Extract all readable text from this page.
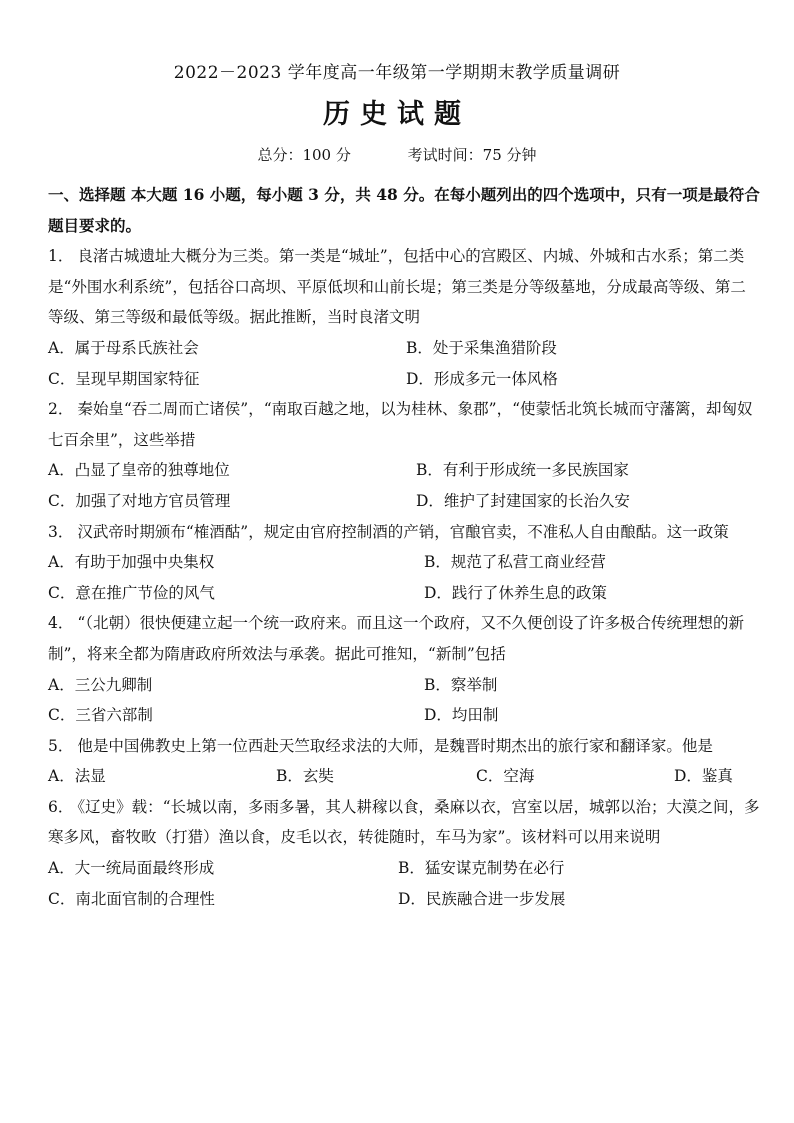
2022－2023 学年度高一年级第一学期期末教学质量调研
历史试题
总分：100 分	考试时间：75 分钟
一、选择题 本大题 16 小题，每小题 3 分，共 48 分。在每小题列出的四个选项中，只有一项是最符合题目要求的。
1． 良渚古城遗址大概分为三类。第一类是“城址”，包括中心的宫殿区、内城、外城和古水系；第二类是“外围水利系统”，包括谷口高坝、平原低坝和山前长堤；第三类是分等级墓地，分成最高等级、第二等级、第三等级和最低等级。据此推断，当时良渚文明
A．属于母系氏族社会	B．处于采集渔猎阶段
C．呈现早期国家特征	D．形成多元一体风格
2． 秦始皇“吞二周而亡诸侯”，“南取百越之地，以为桂林、象郡”，“使蒙恬北筑长城而守藩篱，却匈奴七百余里”，这些举措
A．凸显了皇帝的独尊地位	B．有利于形成统一多民族国家
C．加强了对地方官员管理	D．维护了封建国家的长治久安
3． 汉武帝时期颁布“榷酒酤”，规定由官府控制酒的产销，官酿官卖，不准私人自由酿酤。这一政策
A．有助于加强中央集权	B．规范了私营工商业经营
C．意在推广节俭的风气	D．践行了休养生息的政策
4． “（北朝）很快便建立起一个统一政府来。而且这一个政府，又不久便创设了许多极合传统理想的新制”，将来全都为隋唐政府所效法与承袭。据此可推知，“新制”包括
A．三公九卿制	B．察举制
C．三省六部制	D．均田制
5． 他是中国佛教史上第一位西赴天竺取经求法的大师，是魏晋时期杰出的旅行家和翻译家。他是
A．法显	B．玄奘	C．空海	D．鉴真
6． 《辽史》载：“长城以南，多雨多暑，其人耕稼以食，桑麻以衣，宫室以居，城郭以治；大漠之间，多寒多风，畜牧畋（打猎）渔以食，皮毛以衣，转徙随时，车马为家”。该材料可以用来说明
A．大一统局面最终形成	B．猛安谋克制势在必行
C．南北面官制的合理性	D．民族融合进一步发展
